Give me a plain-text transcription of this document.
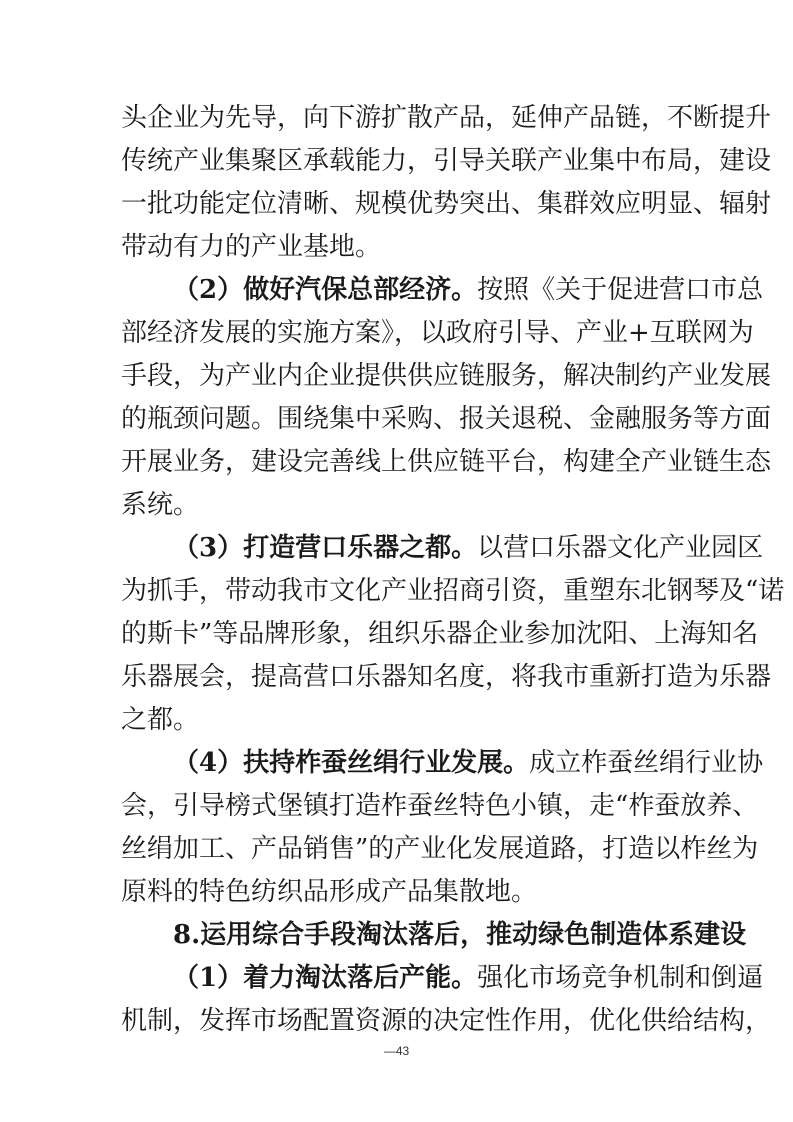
头企业为先导，向下游扩散产品，延伸产品链，不断提升
传统产业集聚区承载能力，引导关联产业集中布局，建设
一批功能定位清晰、规模优势突出、集群效应明显、辐射
带动有力的产业基地。
（2）做好汽保总部经济。按照《关于促进营口市总
部经济发展的实施方案》，以政府引导、产业+互联网为
手段，为产业内企业提供供应链服务，解决制约产业发展
的瓶颈问题。围绕集中采购、报关退税、金融服务等方面
开展业务，建设完善线上供应链平台，构建全产业链生态
系统。
（3）打造营口乐器之都。以营口乐器文化产业园区
为抓手，带动我市文化产业招商引资，重塑东北钢琴及“诺
的斯卡”等品牌形象，组织乐器企业参加沈阳、上海知名
乐器展会，提高营口乐器知名度，将我市重新打造为乐器
之都。
（4）扶持柞蚕丝绢行业发展。成立柞蚕丝绢行业协
会，引导榜式堡镇打造柞蚕丝特色小镇，走“柞蚕放养、
丝绢加工、产品销售”的产业化发展道路，打造以柞丝为
原料的特色纺织品形成产品集散地。
8.运用综合手段淘汰落后，推动绿色制造体系建设
（1）着力淘汰落后产能。强化市场竞争机制和倒逼
机制，发挥市场配置资源的决定性作用，优化供给结构，
—43
